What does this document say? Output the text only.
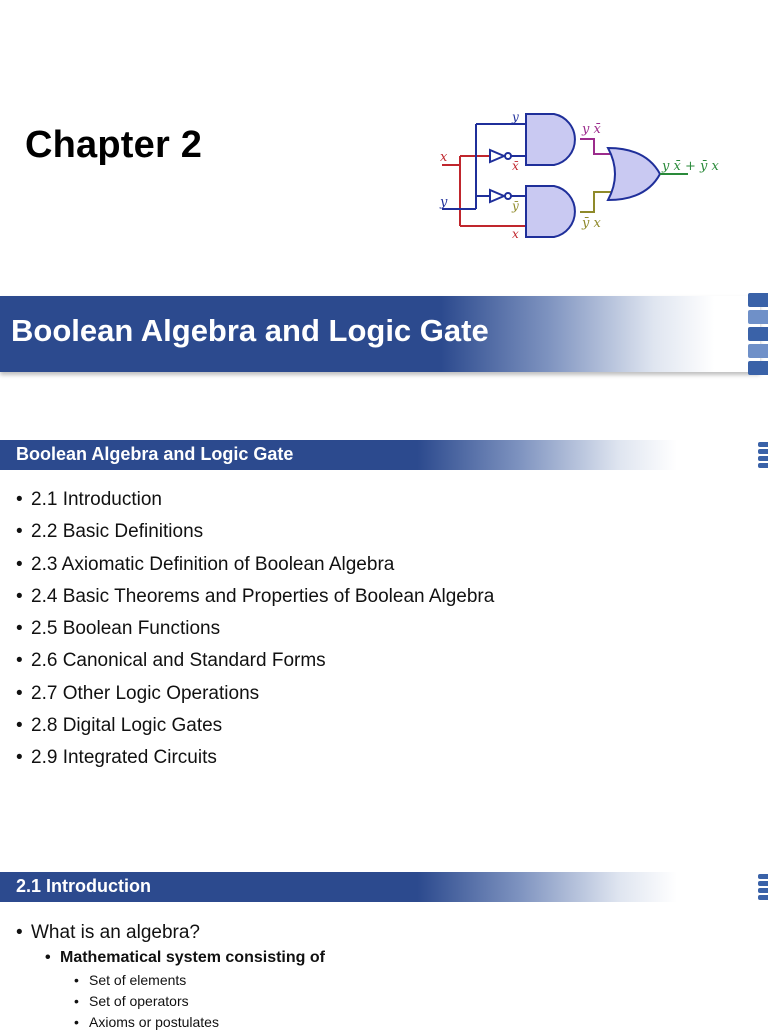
Chapter 2	x
y
y
x̄
ȳ
x
y x̄
ȳ x
y x̄ + ȳ x
Boolean Algebra and Logic Gate
Boolean Algebra and Logic Gate
• 2.1 Introduction
• 2.2 Basic Definitions
• 2.3 Axiomatic Definition of Boolean Algebra
• 2.4 Basic Theorems and Properties of Boolean Algebra
• 2.5 Boolean Functions
• 2.6 Canonical and Standard Forms
• 2.7 Other Logic Operations
• 2.8 Digital Logic Gates
• 2.9 Integrated Circuits
2.1 Introduction
• What is an algebra?
• Mathematical system consisting of
• Set of elements
• Set of operators
• Axioms or postulates
